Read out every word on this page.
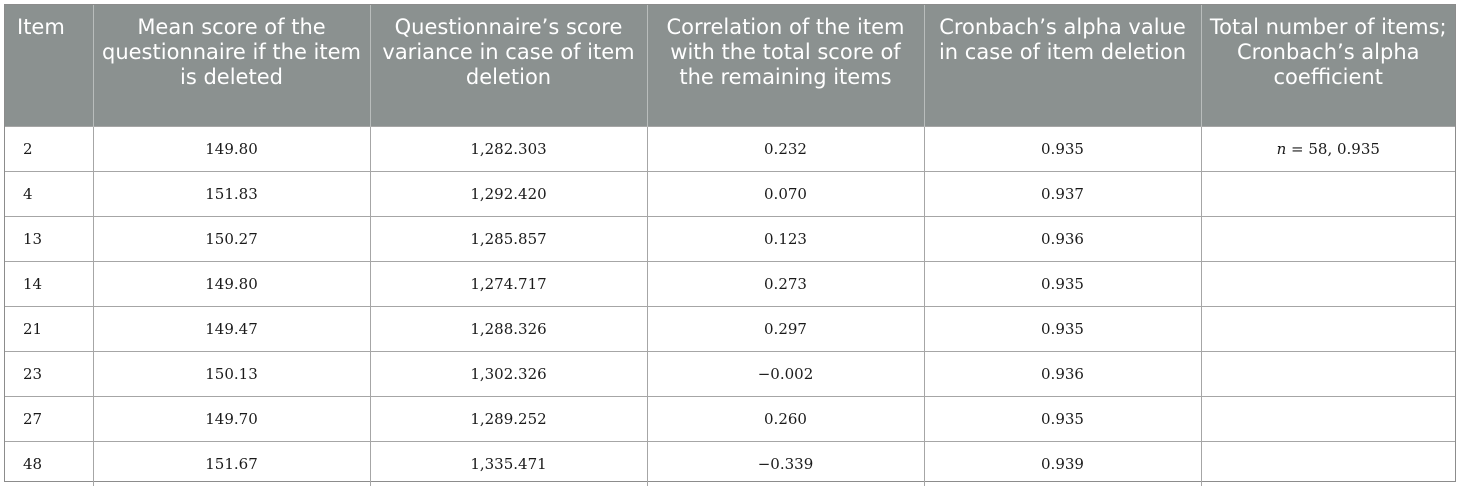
Item	Mean score of the questionnaire if the item is deleted	Questionnaire’s score variance in case of item deletion	Correlation of the item with the total score of the remaining items	Cronbach’s alpha value in case of item deletion	Total number of items; Cronbach’s alpha coefficient
2	149.80	1,282.303	0.232	0.935	n = 58, 0.935
4	151.83	1,292.420	0.070	0.937	
13	150.27	1,285.857	0.123	0.936	
14	149.80	1,274.717	0.273	0.935	
21	149.47	1,288.326	0.297	0.935	
23	150.13	1,302.326	−0.002	0.936	
27	149.70	1,289.252	0.260	0.935	
48	151.67	1,335.471	−0.339	0.939	
